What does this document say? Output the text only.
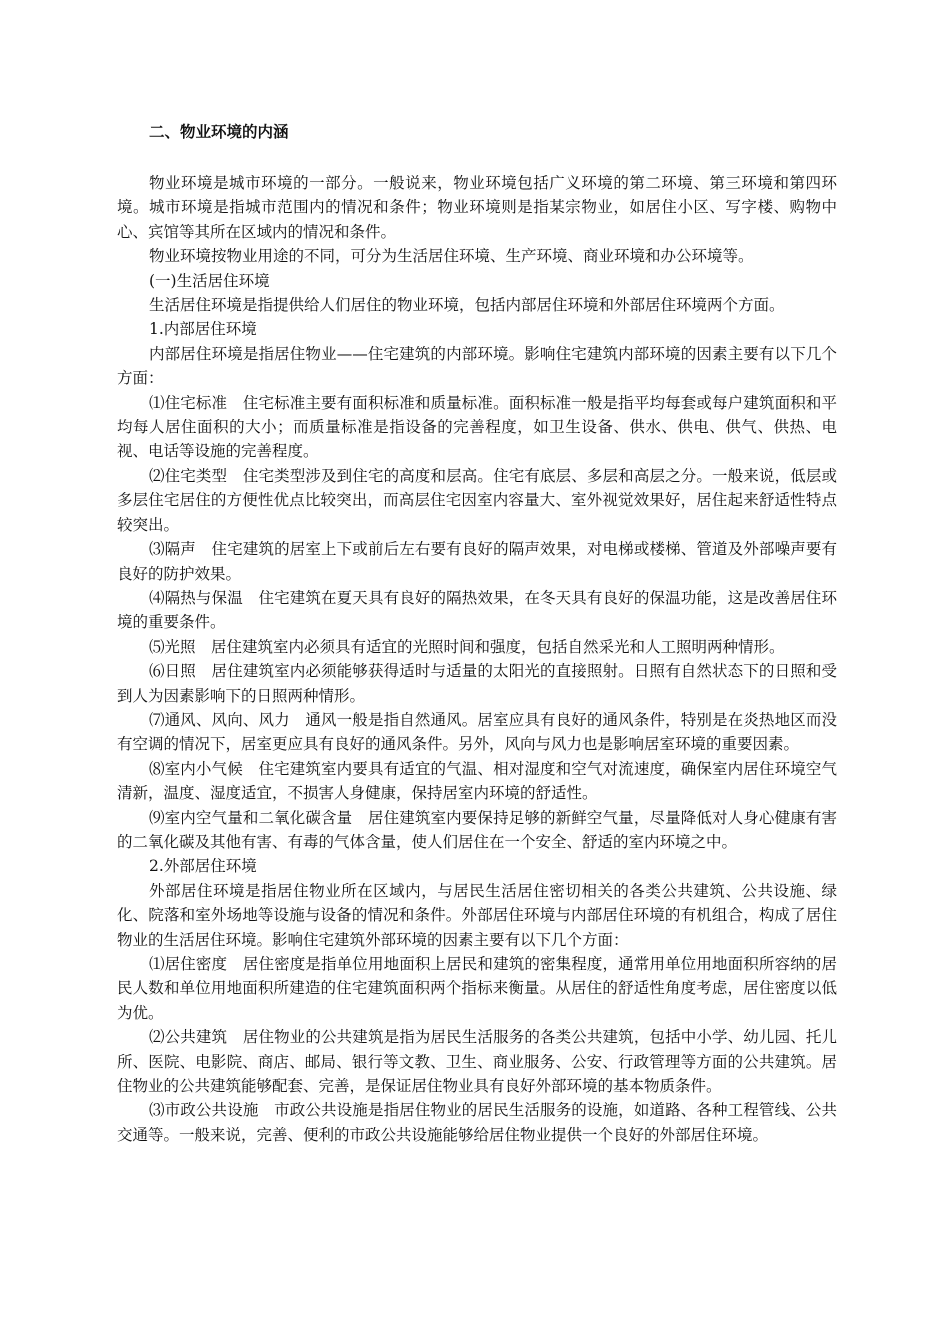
二、物业环境的内涵

物业环境是城市环境的一部分。一般说来，物业环境包括广义环境的第二环境、第三环境和第四环境。城市环境是指城市范围内的情况和条件；物业环境则是指某宗物业，如居住小区、写字楼、购物中心、宾馆等其所在区域内的情况和条件。

物业环境按物业用途的不同，可分为生活居住环境、生产环境、商业环境和办公环境等。

(一)生活居住环境

生活居住环境是指提供给人们居住的物业环境，包括内部居住环境和外部居住环境两个方面。

1.内部居住环境

内部居住环境是指居住物业——住宅建筑的内部环境。影响住宅建筑内部环境的因素主要有以下几个方面：

⑴住宅标准　住宅标准主要有面积标准和质量标准。面积标准一般是指平均每套或每户建筑面积和平均每人居住面积的大小；而质量标准是指设备的完善程度，如卫生设备、供水、供电、供气、供热、电视、电话等设施的完善程度。

⑵住宅类型　住宅类型涉及到住宅的高度和层高。住宅有底层、多层和高层之分。一般来说，低层或多层住宅居住的方便性优点比较突出，而高层住宅因室内容量大、室外视觉效果好，居住起来舒适性特点较突出。

⑶隔声　住宅建筑的居室上下或前后左右要有良好的隔声效果，对电梯或楼梯、管道及外部噪声要有良好的防护效果。

⑷隔热与保温　住宅建筑在夏天具有良好的隔热效果，在冬天具有良好的保温功能，这是改善居住环境的重要条件。

⑸光照　居住建筑室内必须具有适宜的光照时间和强度，包括自然采光和人工照明两种情形。

⑹日照　居住建筑室内必须能够获得适时与适量的太阳光的直接照射。日照有自然状态下的日照和受到人为因素影响下的日照两种情形。

⑺通风、风向、风力　通风一般是指自然通风。居室应具有良好的通风条件，特别是在炎热地区而没有空调的情况下，居室更应具有良好的通风条件。另外，风向与风力也是影响居室环境的重要因素。

⑻室内小气候　住宅建筑室内要具有适宜的气温、相对湿度和空气对流速度，确保室内居住环境空气清新，温度、湿度适宜，不损害人身健康，保持居室内环境的舒适性。

⑼室内空气量和二氧化碳含量　居住建筑室内要保持足够的新鲜空气量，尽量降低对人身心健康有害的二氧化碳及其他有害、有毒的气体含量，使人们居住在一个安全、舒适的室内环境之中。

2.外部居住环境

外部居住环境是指居住物业所在区域内，与居民生活居住密切相关的各类公共建筑、公共设施、绿化、院落和室外场地等设施与设备的情况和条件。外部居住环境与内部居住环境的有机组合，构成了居住物业的生活居住环境。影响住宅建筑外部环境的因素主要有以下几个方面：

⑴居住密度　居住密度是指单位用地面积上居民和建筑的密集程度，通常用单位用地面积所容纳的居民人数和单位用地面积所建造的住宅建筑面积两个指标来衡量。从居住的舒适性角度考虑，居住密度以低为优。

⑵公共建筑　居住物业的公共建筑是指为居民生活服务的各类公共建筑，包括中小学、幼儿园、托儿所、医院、电影院、商店、邮局、银行等文教、卫生、商业服务、公安、行政管理等方面的公共建筑。居住物业的公共建筑能够配套、完善，是保证居住物业具有良好外部环境的基本物质条件。

⑶市政公共设施　市政公共设施是指居住物业的居民生活服务的设施，如道路、各种工程管线、公共交通等。一般来说，完善、便利的市政公共设施能够给居住物业提供一个良好的外部居住环境。
